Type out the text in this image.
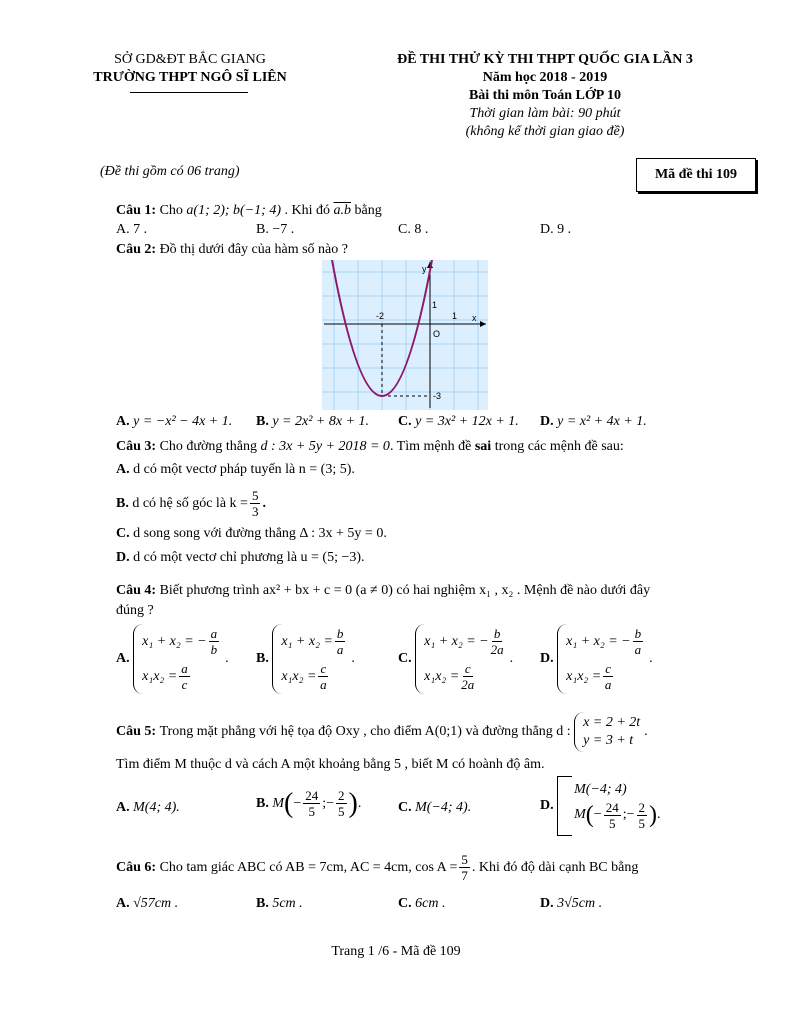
SỞ GD&ĐT BẮC GIANG
TRƯỜNG THPT NGÔ SĨ LIÊN
ĐỀ THI THỬ KỲ THI THPT QUỐC GIA LẦN 3
Năm học 2018 - 2019
Bài thi môn Toán LỚP 10
Thời gian làm bài: 90 phút
(không kể thời gian giao đề)
(Đề thi gồm có 06 trang)	Mã đề thi 109
Câu 1: Cho a(1; 2); b(−1; 4) . Khi đó a.b bằng
A. 7 .	B. −7 .	C. 8 .	D. 9 .
Câu 2: Đồ thị dưới đây của hàm số nào ?
x
y
O
-2	1
1
-3
A. y = −x² − 4x + 1. B. y = 2x² + 8x + 1. C. y = 3x² + 12x + 1. D. y = x² + 4x + 1.
Câu 3: Cho đường thẳng d : 3x + 5y + 2018 = 0. Tìm mệnh đề sai trong các mệnh đề sau:
A. d có một vectơ pháp tuyến là n = (3; 5).
B.
d có hệ số góc là $k = \frac{5}{3}$ .
C. d song song với đường thẳng Δ : 3x + 5y = 0.
D. d có một vectơ chỉ phương là u = (5; −3).
Câu 4: Biết phương trình ax² + bx + c = 0 (a ≠ 0) có hai nghiệm x₁ , x₂ . Mệnh đề nào dưới đây
đúng ?
A.

x₁ + x₂ = − $\frac{a}{b}$
$x_1x_2 = \frac{a}{c}$
. B.

$x_1 + x_2 = \frac{b}{a}$
$x_1x_2 = \frac{c}{a}$
.	C.

x₁ + x₂ = − $\frac{b}{2a}$
$x_1x_2 = \frac{c}{2a}$
. D.

x₁ + x₂ = − $\frac{b}{a}$
$x_1x_2 = \frac{c}{a}$
.
Câu 5:
Trong mặt phẳng với hệ tọa độ Oxy , cho điểm A(0;1) và đường thẳng d :

x = 2 + 2t
y = 3 + t
.
Tìm điểm M thuộc d và cách A một khoảng bằng 5 , biết M có hoành độ âm.
A. M(4; 4).	B.
M ( − $\frac{24}{5}$ ;− $\frac{2}{5}$ ) .	C. M(−4; 4).	D.

M(−4; 4)
M ( − $\frac{24}{5}$ ;− $\frac{2}{5}$ ) .
Câu 6:
Cho tam giác ABC có AB = 7cm, AC = 4cm, $\cos A = \frac{5}{7}$ . Khi đó độ dài cạnh BC bằng
A. √57cm .	B. 5cm .	C. 6cm .	D. 3√5cm .
Trang 1 /6 - Mã đề 109
